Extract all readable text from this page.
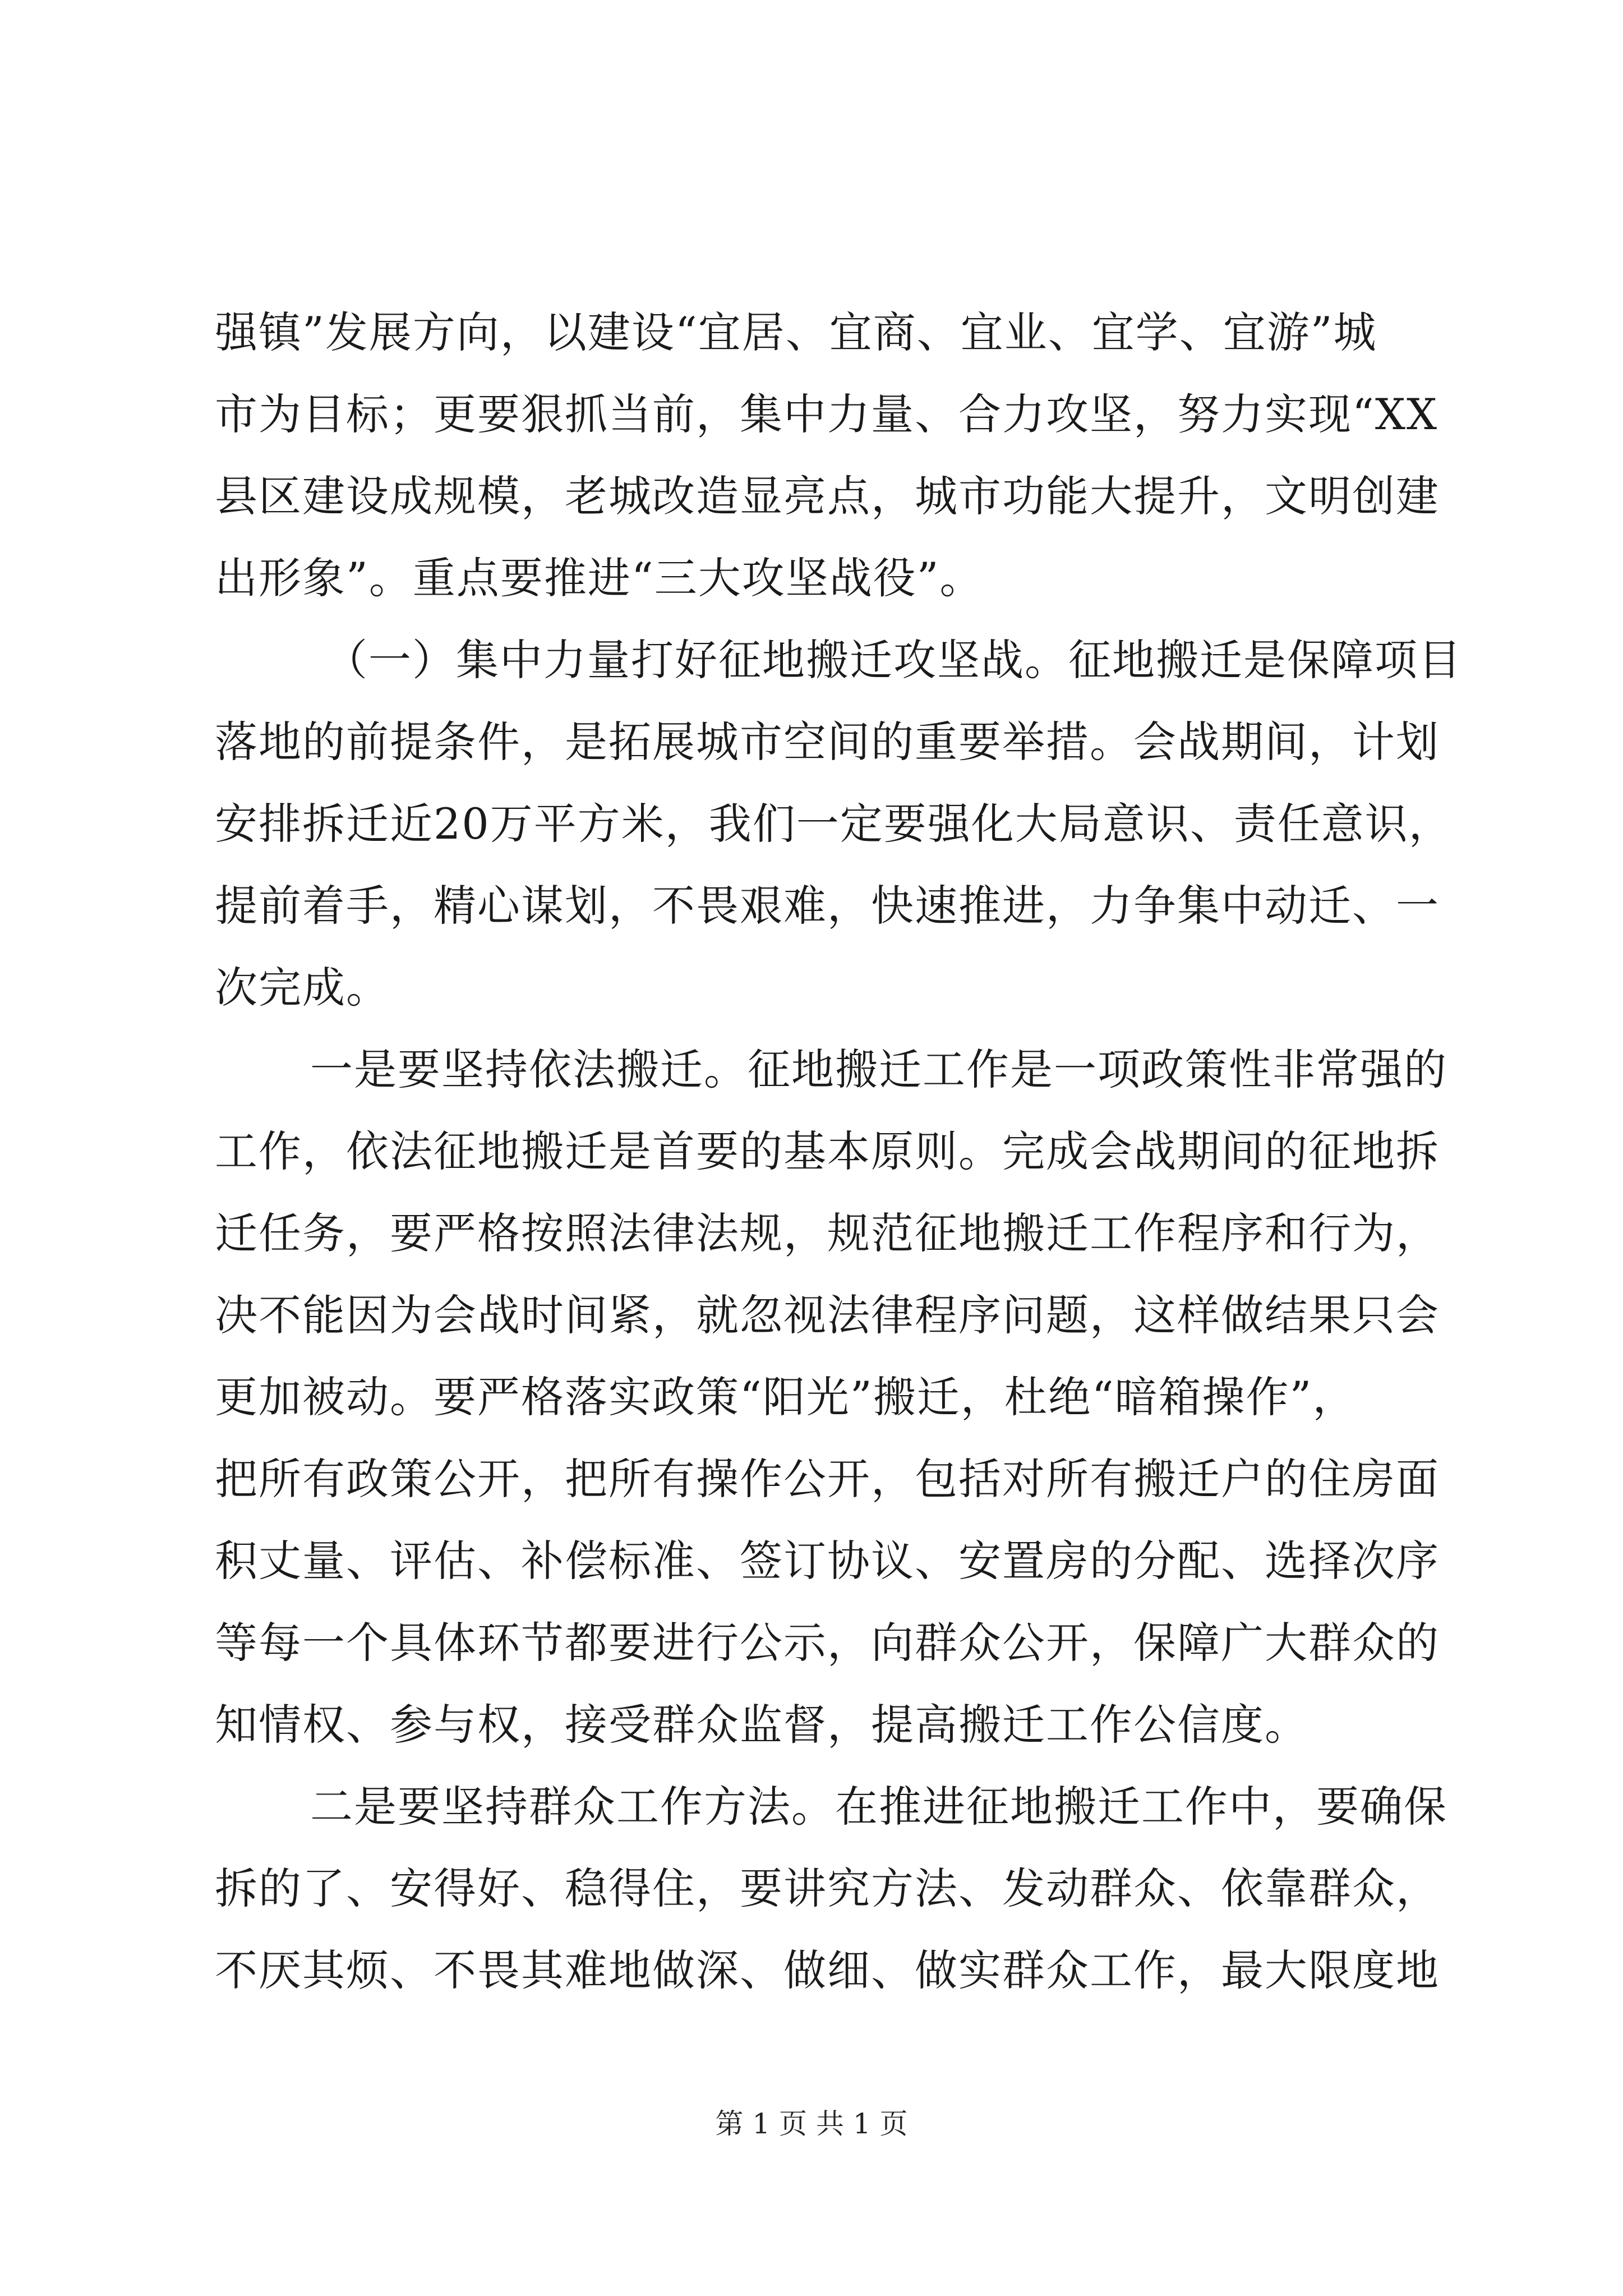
强镇”发展方向，以建设“宜居、宜商、宜业、宜学、宜游”城
市为目标；更要狠抓当前，集中力量、合力攻坚，努力实现“XX
县区建设成规模，老城改造显亮点，城市功能大提升，文明创建
出形象”。重点要推进“三大攻坚战役”。
（一）集中力量打好征地搬迁攻坚战。征地搬迁是保障项目
落地的前提条件，是拓展城市空间的重要举措。会战期间，计划
安排拆迁近20万平方米，我们一定要强化大局意识、责任意识，
提前着手，精心谋划，不畏艰难，快速推进，力争集中动迁、一
次完成。
一是要坚持依法搬迁。征地搬迁工作是一项政策性非常强的
工作，依法征地搬迁是首要的基本原则。完成会战期间的征地拆
迁任务，要严格按照法律法规，规范征地搬迁工作程序和行为，
决不能因为会战时间紧，就忽视法律程序问题，这样做结果只会
更加被动。要严格落实政策“阳光”搬迁，杜绝“暗箱操作”，
把所有政策公开，把所有操作公开，包括对所有搬迁户的住房面
积丈量、评估、补偿标准、签订协议、安置房的分配、选择次序
等每一个具体环节都要进行公示，向群众公开，保障广大群众的
知情权、参与权，接受群众监督，提高搬迁工作公信度。
二是要坚持群众工作方法。在推进征地搬迁工作中，要确保
拆的了、安得好、稳得住，要讲究方法、发动群众、依靠群众，
不厌其烦、不畏其难地做深、做细、做实群众工作，最大限度地
第 1 页 共 1 页
